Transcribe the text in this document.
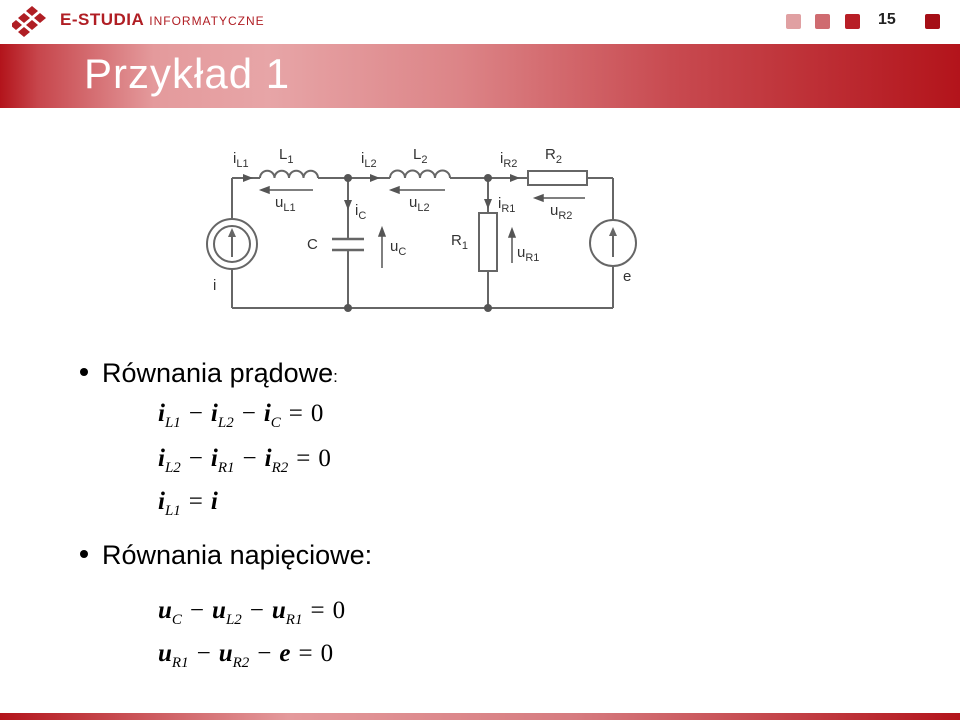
E-STUDIA INFORMATYCZNE	15
Przykład 1
$i_{L1}$
$L_1$
$u_{L1}$
$i_{L2}$
$L_2$
$u_{L2}$
$i_C$
C	$u_C$
$i_{R2}$
$R_2$
$u_{R2}$
$i_{R1}$
$R_1$	$u_{R1}$
i
e
Równania prądowe:
$i_{L1} - i_{L2} - i_C = 0$
$i_{L2} - i_{R1} - i_{R2} = 0$
$i_{L1} = i$
Równania napięciowe:
$u_C - u_{L2} - u_{R1} = 0$
$u_{R1} - u_{R2} - e = 0$
